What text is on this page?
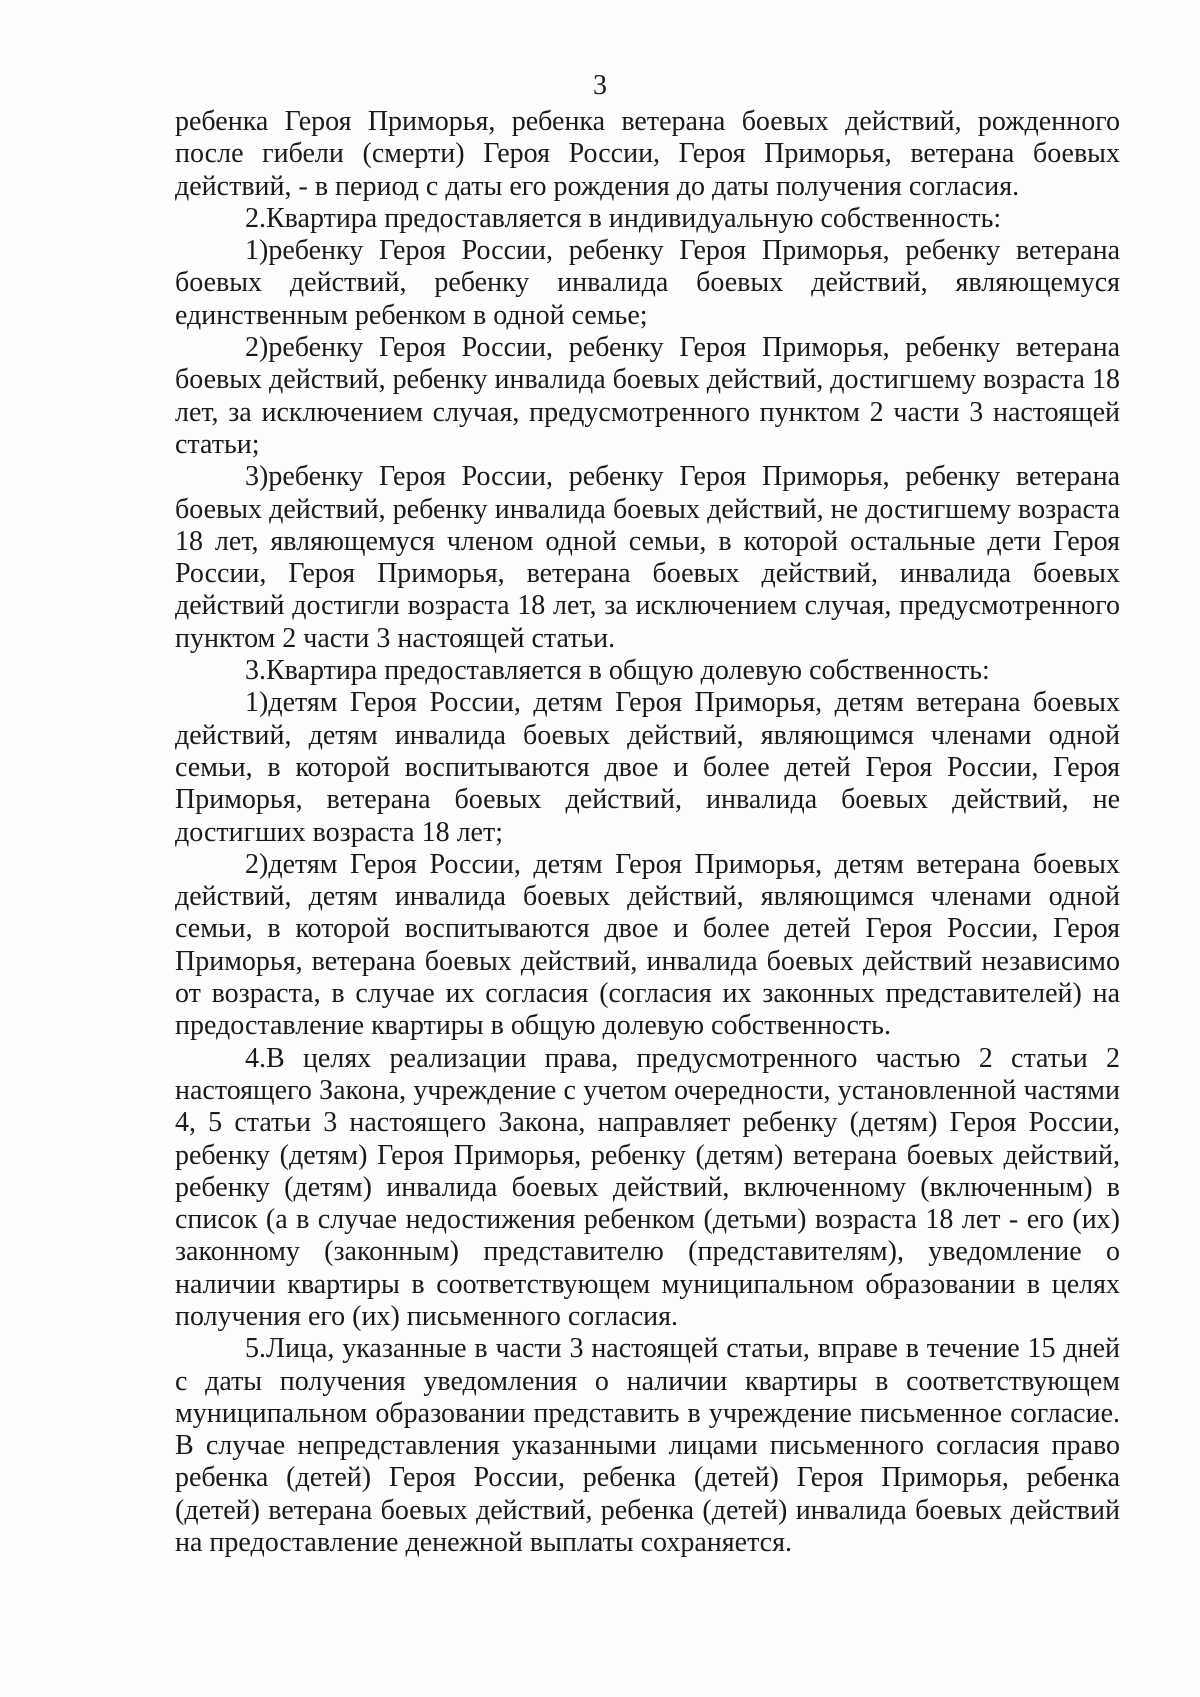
3

ребенка Героя Приморья, ребенка ветерана боевых действий, рожденного после гибели (смерти) Героя России, Героя Приморья, ветерана боевых действий, - в период с даты его рождения до даты получения согласия.

2.Квартира предоставляется в индивидуальную собственность:

1)ребенку Героя России, ребенку Героя Приморья, ребенку ветерана боевых действий, ребенку инвалида боевых действий, являющемуся единственным ребенком в одной семье;

2)ребенку Героя России, ребенку Героя Приморья, ребенку ветерана боевых действий, ребенку инвалида боевых действий, достигшему возраста 18 лет, за исключением случая, предусмотренного пунктом 2 части 3 настоящей статьи;

3)ребенку Героя России, ребенку Героя Приморья, ребенку ветерана боевых действий, ребенку инвалида боевых действий, не достигшему возраста 18 лет, являющемуся членом одной семьи, в которой остальные дети Героя России, Героя Приморья, ветерана боевых действий, инвалида боевых действий достигли возраста 18 лет, за исключением случая, предусмотренного пунктом 2 части 3 настоящей статьи.

3.Квартира предоставляется в общую долевую собственность:

1)детям Героя России, детям Героя Приморья, детям ветерана боевых действий, детям инвалида боевых действий, являющимся членами одной семьи, в которой воспитываются двое и более детей Героя России, Героя Приморья, ветерана боевых действий, инвалида боевых действий, не достигших возраста 18 лет;

2)детям Героя России, детям Героя Приморья, детям ветерана боевых действий, детям инвалида боевых действий, являющимся членами одной семьи, в которой воспитываются двое и более детей Героя России, Героя Приморья, ветерана боевых действий, инвалида боевых действий независимо от возраста, в случае их согласия (согласия их законных представителей) на предоставление квартиры в общую долевую собственность.

4.В целях реализации права, предусмотренного частью 2 статьи 2 настоящего Закона, учреждение с учетом очередности, установленной частями 4, 5 статьи 3 настоящего Закона, направляет ребенку (детям) Героя России, ребенку (детям) Героя Приморья, ребенку (детям) ветерана боевых действий, ребенку (детям) инвалида боевых действий, включенному (включенным) в список (а в случае недостижения ребенком (детьми) возраста 18 лет - его (их) законному (законным) представителю (представителям), уведомление о наличии квартиры в соответствующем муниципальном образовании в целях получения его (их) письменного согласия.

5.Лица, указанные в части 3 настоящей статьи, вправе в течение 15 дней с даты получения уведомления о наличии квартиры в соответствующем муниципальном образовании представить в учреждение письменное согласие. В случае непредставления указанными лицами письменного согласия право ребенка (детей) Героя России, ребенка (детей) Героя Приморья, ребенка (детей) ветерана боевых действий, ребенка (детей) инвалида боевых действий на предоставление денежной выплаты сохраняется.
